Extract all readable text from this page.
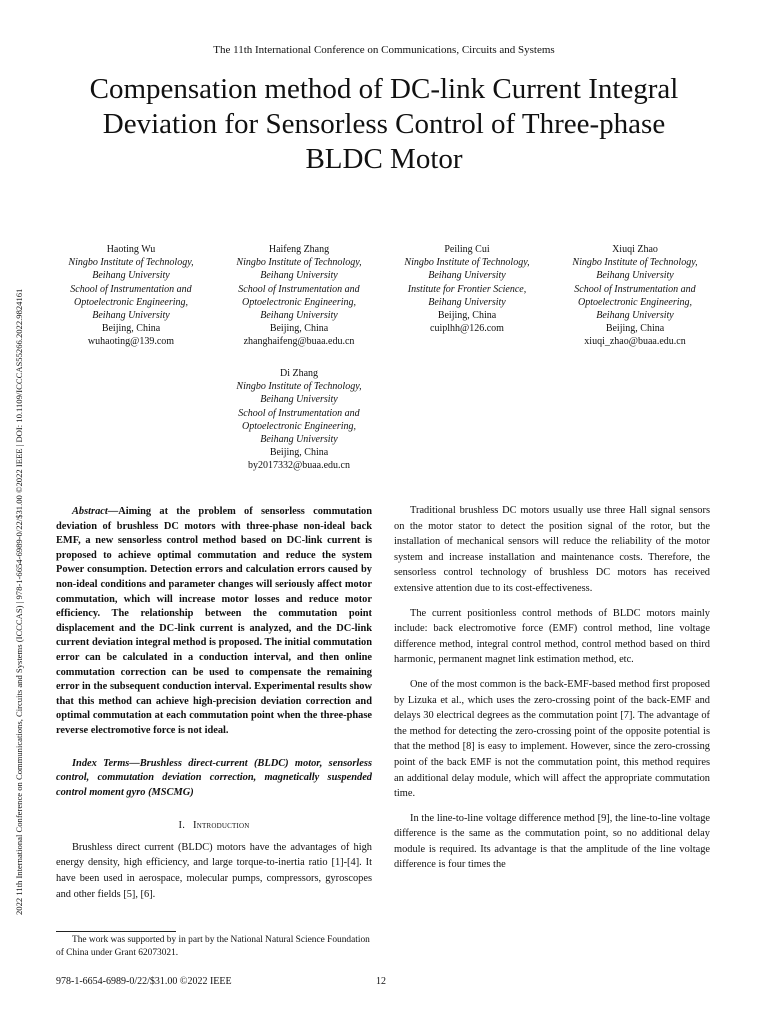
2022 11th International Conference on Communications, Circuits and Systems (ICCCAS) | 978-1-6654-6989-0/22/$31.00 ©2022 IEEE | DOI: 10.1109/ICCCAS55266.2022.9824161
The 11th International Conference on Communications, Circuits and Systems
Compensation method of DC-link Current Integral
Deviation for Sensorless Control of Three-phase
BLDC Motor
Haoting Wu
Ningbo Institute of Technology,
Beihang University
School of Instrumentation and
Optoelectronic Engineering,
Beihang University
Beijing, China
wuhaoting@139.com
Haifeng Zhang
Ningbo Institute of Technology,
Beihang University
School of Instrumentation and
Optoelectronic Engineering,
Beihang University
Beijing, China
zhanghaifeng@buaa.edu.cn
Peiling Cui
Ningbo Institute of Technology,
Beihang University
Institute for Frontier Science,
Beihang University
Beijing, China
cuiplhh@126.com
Xiuqi Zhao
Ningbo Institute of Technology,
Beihang University
School of Instrumentation and
Optoelectronic Engineering,
Beihang University
Beijing, China
xiuqi_zhao@buaa.edu.cn
Di Zhang
Ningbo Institute of Technology,
Beihang University
School of Instrumentation and
Optoelectronic Engineering,
Beihang University
Beijing, China
by2017332@buaa.edu.cn

Abstract—Aiming at the problem of sensorless commutation deviation of brushless DC motors with three-phase non-ideal back EMF, a new sensorless control method based on DC-link current is proposed to achieve optimal commutation and reduce the system Power consumption. Detection errors and calculation errors caused by non-ideal conditions and parameter changes will seriously affect motor commutation, which will increase motor losses and reduce motor efficiency. The relationship between the commutation point displacement and the DC-link current is analyzed, and the DC-link current deviation integral method is proposed. The initial commutation error can be calculated in a conduction interval, and then online commutation correction can be used to compensate the remaining error in the subsequent conduction interval. Experimental results show that this method can achieve high-precision deviation correction and optimal commutation at each commutation point when the three-phase reverse electromotive force is not ideal.

Index Terms—Brushless direct-current (BLDC) motor, sensorless control, commutation deviation correction, magnetically suspended control moment gyro (MSCMG)

I. Introduction

Brushless direct current (BLDC) motors have the advantages of high energy density, high efficiency, and large torque-to-inertia ratio [1]-[4]. It have been used in aerospace, molecular pumps, compressors, gyroscopes and other fields [5], [6].

Traditional brushless DC motors usually use three Hall signal sensors on the motor stator to detect the position signal of the rotor, but the installation of mechanical sensors will reduce the reliability of the motor system and increase installation and maintenance costs. Therefore, the sensorless control technology of brushless DC motors has received extensive attention due to its cost-effectiveness.

The current positionless control methods of BLDC motors mainly include: back electromotive force (EMF) control method, line voltage difference method, integral control method, control method based on third harmonic, permanent magnet link estimation method, etc.

One of the most common is the back-EMF-based method first proposed by Lizuka et al., which uses the zero-crossing point of the back-EMF and delays 30 electrical degrees as the commutation point [7]. The advantage of the method for detecting the zero-crossing point of the opposite potential is that the method [8] is easy to implement. However, since the zero-crossing point of the back EMF is not the commutation point, this method requires an additional delay module, which will affect the appropriate commutation time.

In the line-to-line voltage difference method [9], the line-to-line voltage difference is the same as the commutation point, so no additional delay module is required. Its advantage is that the amplitude of the line voltage difference is four times the

The work was supported by in part by the National Natural Science Foundation of China under Grant 62073021.
978-1-6654-6989-0/22/$31.00 ©2022 IEEE	12
